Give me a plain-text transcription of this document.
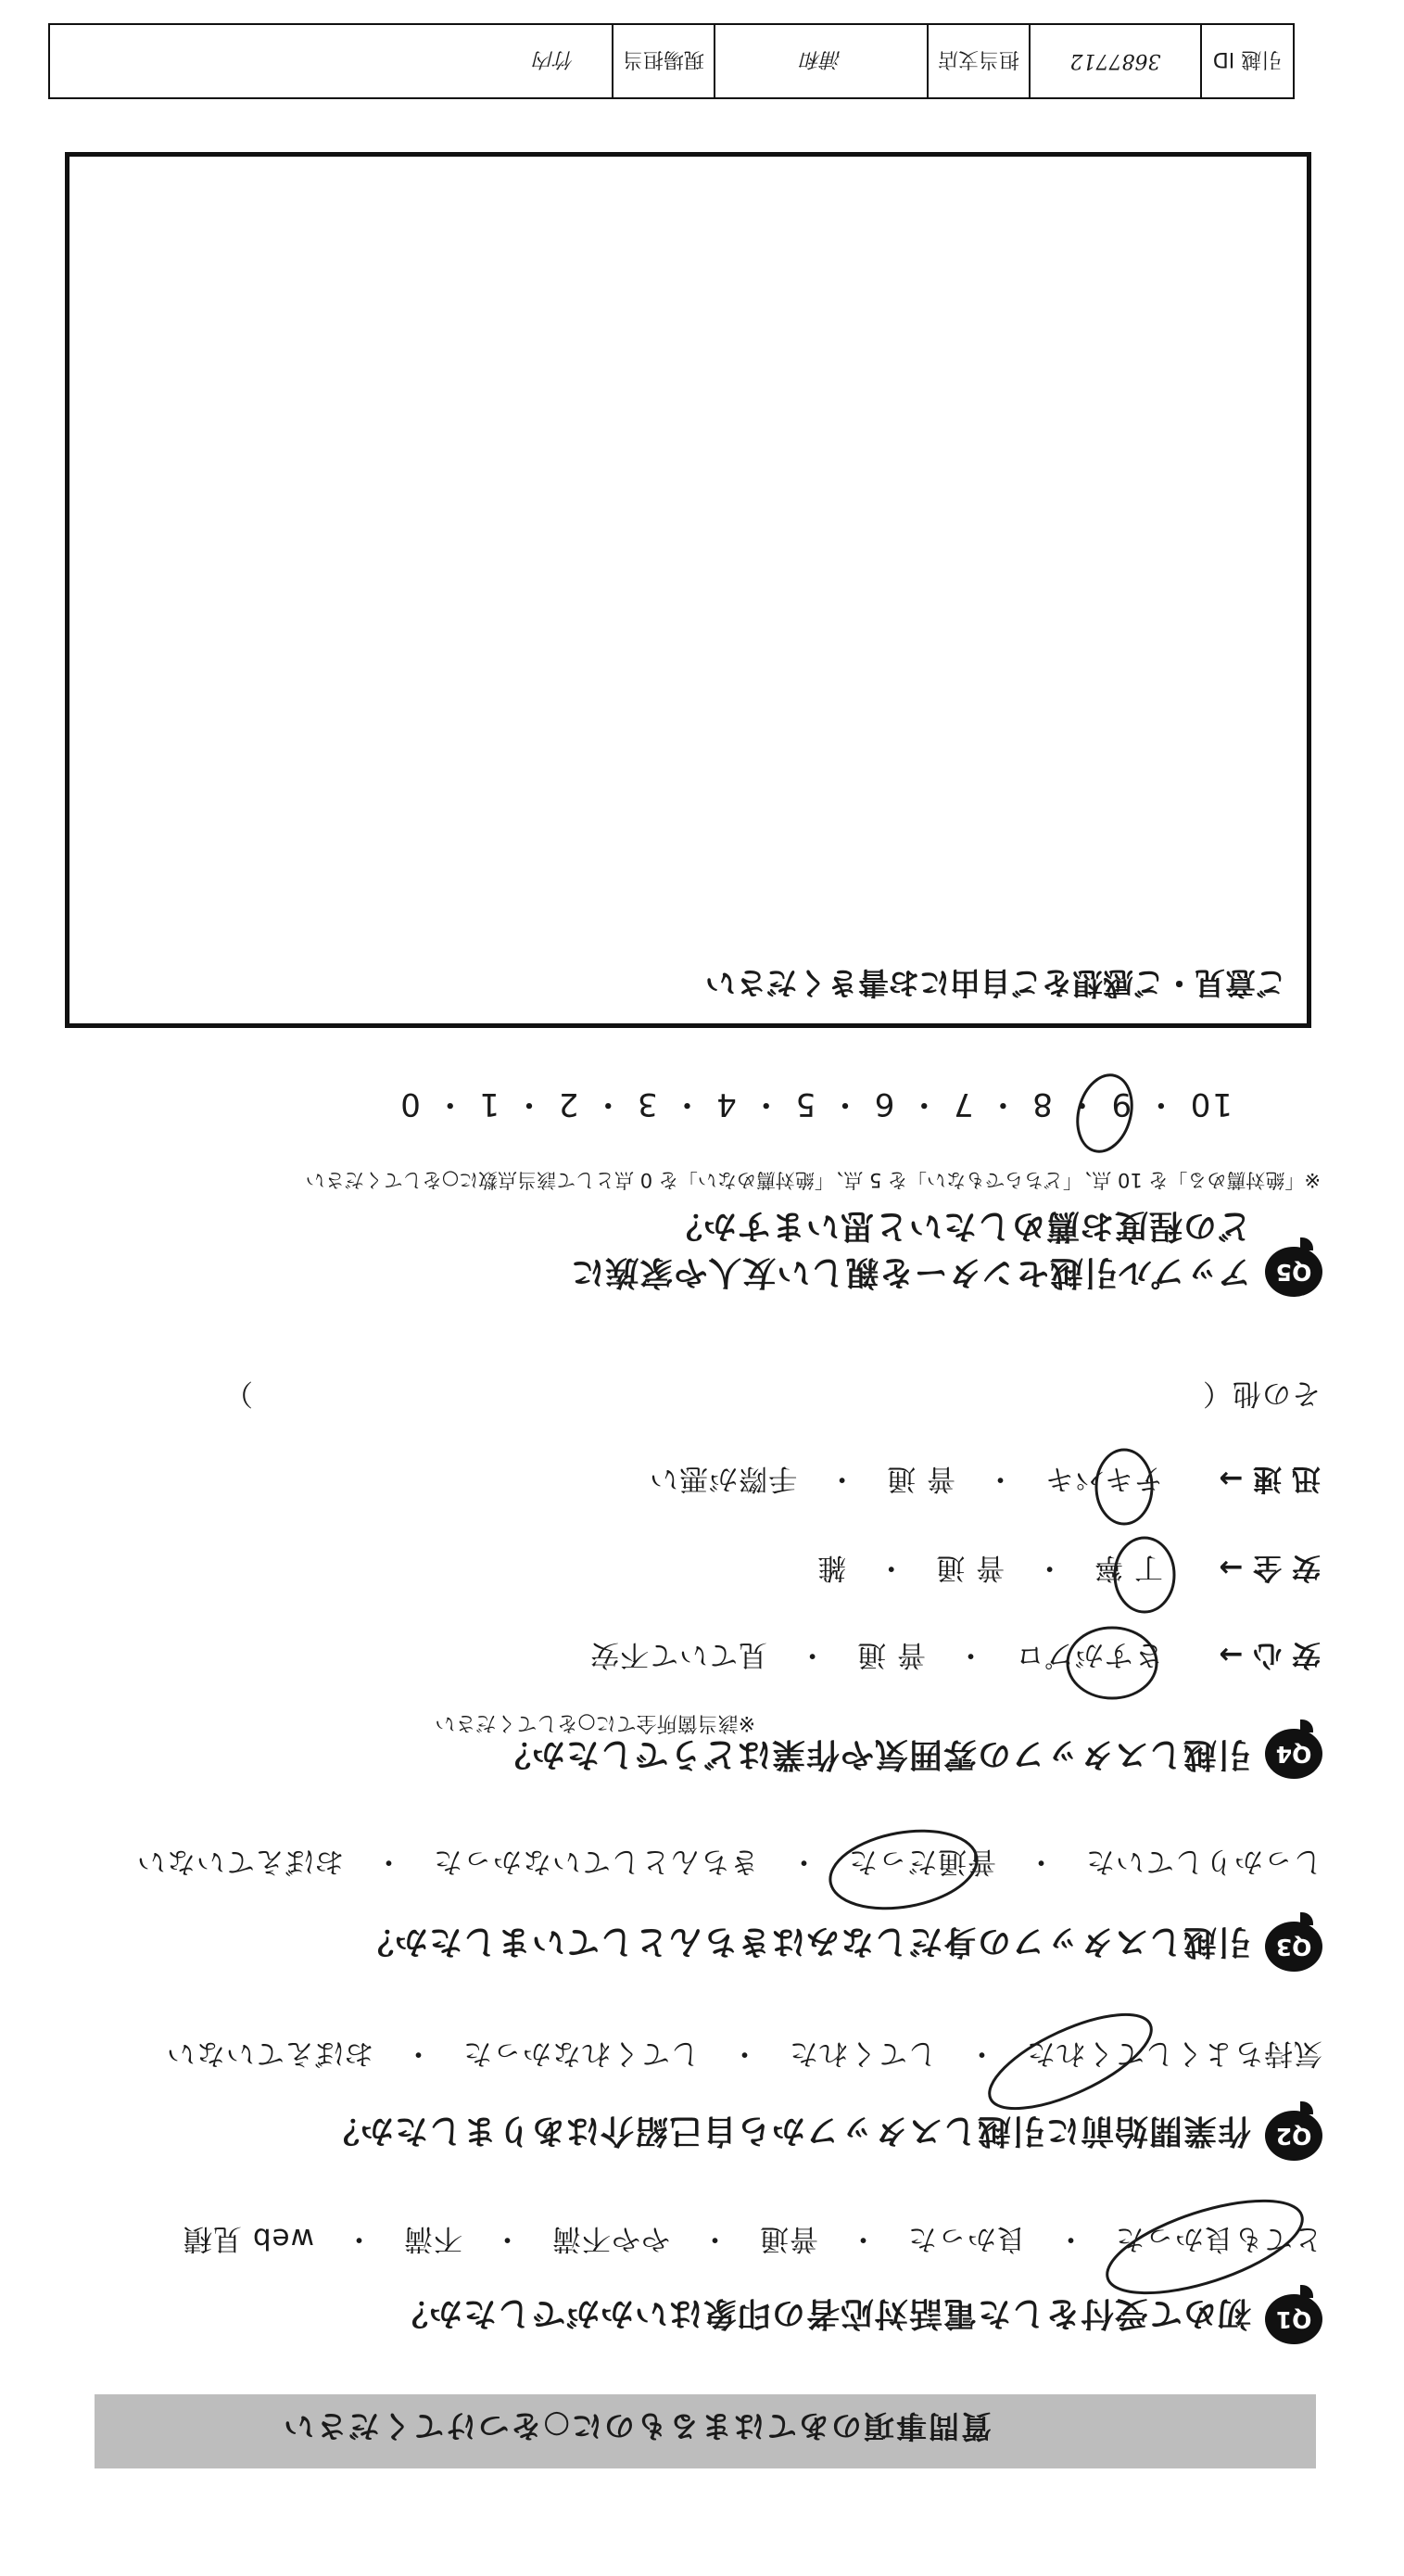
質問事項のあてはまるものに○をつけてください
Q1
初めて受付をした電話対応者の印象はいかがでしたか？
とても良かった　・　良かった　・　普通　・　やや不満　・　不満　・　web 見積
Q2
作業開始前に引越しスタッフから自己紹介はありましたか？
気持ちよくしてくれた　・　してくれた　・　してくれなかった　・　おぼえていない
Q3
引越しスタッフの身だしなみはきちんとしていましたか？
しっかりしていた　・　普通だった　・　きちんとしていなかった　・　おぼえていない
Q4
引越しスタッフの雰囲気や作業はどうでしたか？
※該当箇所全てに○をしてください
安 心 →
さすがプロ　・　普 通　・　見ていて不安
安 全 →
丁 寧　・　普 通　・　雑
迅 速 →
テキパキ　・　普 通　・　手際が悪い
その他（　　　　　　　　　　　　　　　　　　　　　　　　　　　　　　　　）
Q5
アップル引越センターを親しい友人や家族に
どの程度お薦めしたいと思いますか？
※「絶対薦める」を 10 点、「どちらでもない」を 5 点、「絶対薦めない」を 0 点として該当点数に○をしてください
10 ・ 9 ・ 8 ・ 7 ・ 6 ・ 5 ・ 4 ・ 3 ・ 2 ・ 1 ・ 0
ご意見・ご感想をご自由にお書きください
引越 ID
3687712
担当支店
浦和
現場担当
竹内
